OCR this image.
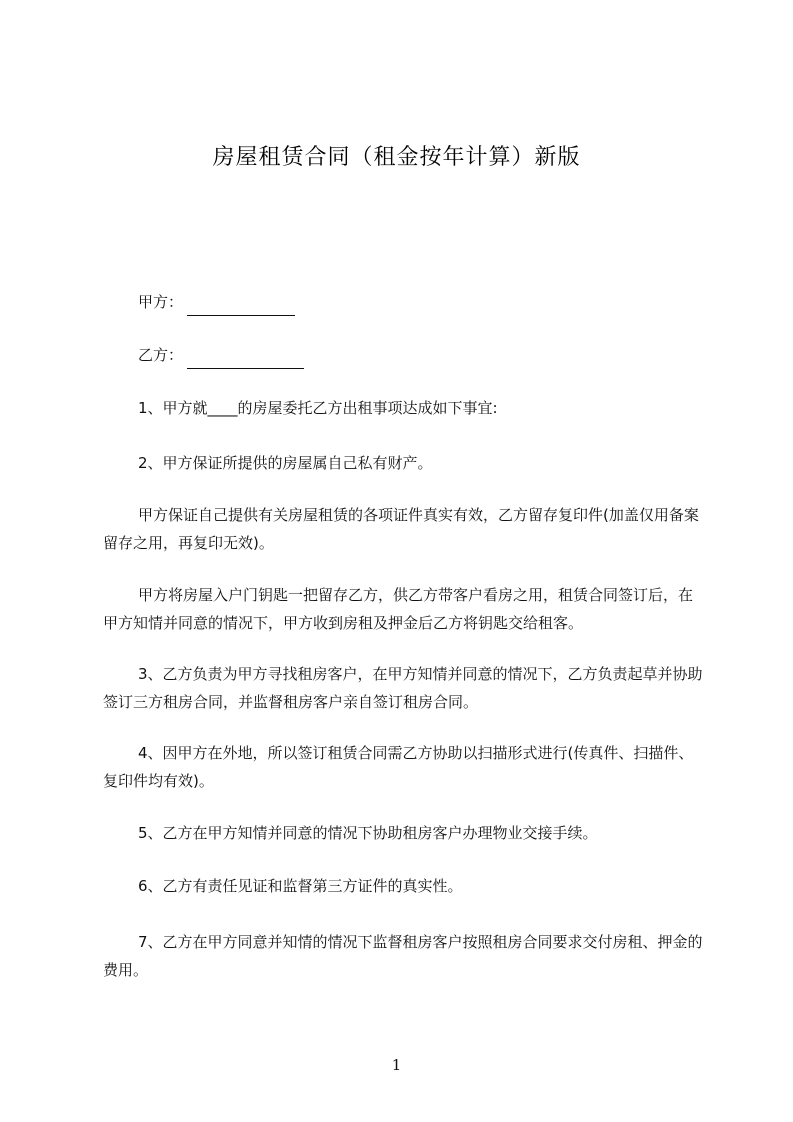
房屋租赁合同（租金按年计算）新版
甲方：
乙方：
1、甲方就____的房屋委托乙方出租事项达成如下事宜:
2、甲方保证所提供的房屋属自己私有财产。
甲方保证自己提供有关房屋租赁的各项证件真实有效，乙方留存复印件(加盖仅用备案留存之用，再复印无效)。
甲方将房屋入户门钥匙一把留存乙方，供乙方带客户看房之用，租赁合同签订后，在甲方知情并同意的情况下，甲方收到房租及押金后乙方将钥匙交给租客。
3、乙方负责为甲方寻找租房客户，在甲方知情并同意的情况下，乙方负责起草并协助签订三方租房合同，并监督租房客户亲自签订租房合同。
4、因甲方在外地，所以签订租赁合同需乙方协助以扫描形式进行(传真件、扫描件、复印件均有效)。
5、乙方在甲方知情并同意的情况下协助租房客户办理物业交接手续。
6、乙方有责任见证和监督第三方证件的真实性。
7、乙方在甲方同意并知情的情况下监督租房客户按照租房合同要求交付房租、押金的费用。
1
